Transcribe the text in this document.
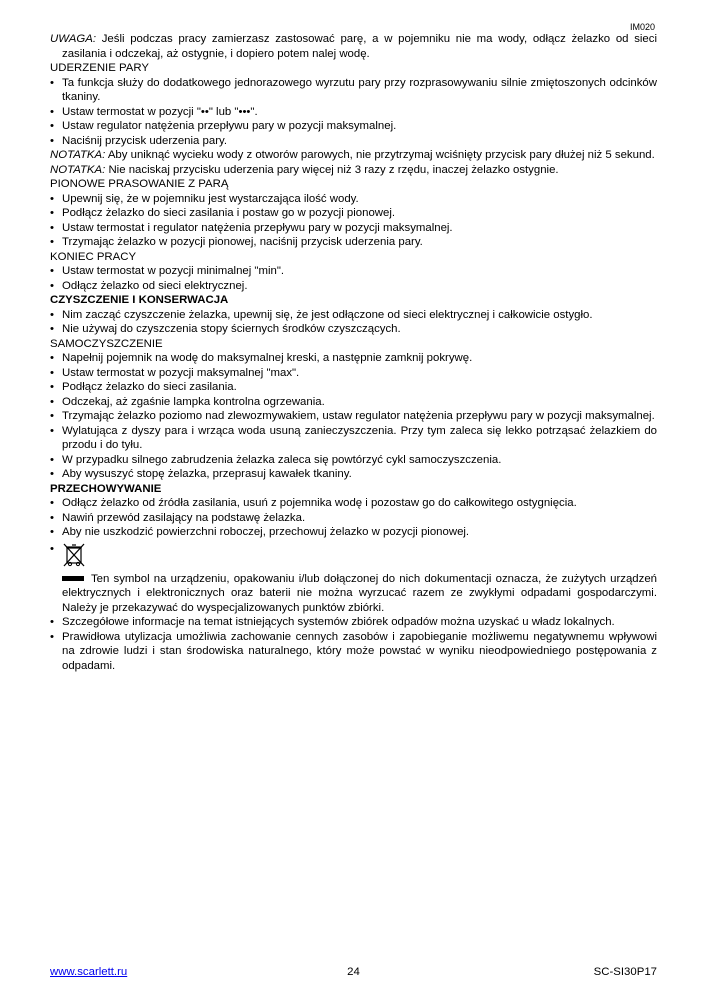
IM020

UWAGA: Jeśli podczas pracy zamierzasz zastosować parę, a w pojemniku nie ma wody, odłącz żelazko od sieci zasilania i odczekaj, aż ostygnie, i dopiero potem nalej wodę.

UDERZENIE PARY
• Ta funkcja służy do dodatkowego jednorazowego wyrzutu pary przy rozprasowywaniu silnie zmiętoszonych odcinków tkaniny.
• Ustaw termostat w pozycji "••" lub "•••".
• Ustaw regulator natężenia przepływu pary w pozycji maksymalnej.
• Naciśnij przycisk uderzenia pary.

NOTATKA: Aby uniknąć wycieku wody z otworów parowych, nie przytrzymaj wciśnięty przycisk pary dłużej niż 5 sekund.

NOTATKA: Nie naciskaj przycisku uderzenia pary więcej niż 3 razy z rzędu, inaczej żelazko ostygnie.

PIONOWE PRASOWANIE Z PARĄ
• Upewnij się, że w pojemniku jest wystarczająca ilość wody.
• Podłącz żelazko do sieci zasilania i postaw go w pozycji pionowej.
• Ustaw termostat i regulator natężenia przepływu pary w pozycji maksymalnej.
• Trzymając żelazko w pozycji pionowej, naciśnij przycisk uderzenia pary.
KONIEC PRACY
• Ustaw termostat w pozycji minimalnej "min".
• Odłącz żelazko od sieci elektrycznej.
CZYSZCZENIE I KONSERWACJA
• Nim zacząć czyszczenie żelazka, upewnij się, że jest odłączone od sieci elektrycznej i całkowicie ostygło.
• Nie używaj do czyszczenia stopy ściernych środków czyszczących.
SAMOCZYSZCZENIE
• Napełnij pojemnik na wodę do maksymalnej kreski, a następnie zamknij pokrywę.
• Ustaw termostat w pozycji maksymalnej "max".
• Podłącz żelazko do sieci zasilania.
• Odczekaj, aż zgaśnie lampka kontrolna ogrzewania.
• Trzymając żelazko poziomo nad zlewozmywakiem, ustaw regulator natężenia przepływu pary w pozycji maksymalnej.
• Wylatująca z dyszy para i wrząca woda usuną zanieczyszczenia. Przy tym zaleca się lekko potrząsać żelazkiem do przodu i do tyłu.
• W przypadku silnego zabrudzenia żelazka zaleca się powtórzyć cykl samoczyszczenia.
• Aby wysuszyć stopę żelazka, przeprasuj kawałek tkaniny.
PRZECHOWYWANIE
• Odłącz żelazko od źródła zasilania, usuń z pojemnika wodę i pozostaw go do całkowitego ostygnięcia.
• Nawiń przewód zasilający na podstawę żelazka.
• Aby nie uszkodzić powierzchni roboczej, przechowuj żelazko w pozycji pionowej.
• Ten symbol na urządzeniu, opakowaniu i/lub dołączonej do nich dokumentacji oznacza, że zużytych urządzeń elektrycznych i elektronicznych oraz baterii nie można wyrzucać razem ze zwykłymi odpadami gospodarczymi. Należy je przekazywać do wyspecjalizowanych punktów zbiórki.
• Szczegółowe informacje na temat istniejących systemów zbiórek odpadów można uzyskać u władz lokalnych.
• Prawidłowa utylizacja umożliwia zachowanie cennych zasobów i zapobieganie możliwemu negatywnemu wpływowi na zdrowie ludzi i stan środowiska naturalnego, który może powstać w wyniku nieodpowiedniego postępowania z odpadami.
www.scarlett.ru	24	SC-SI30P17
